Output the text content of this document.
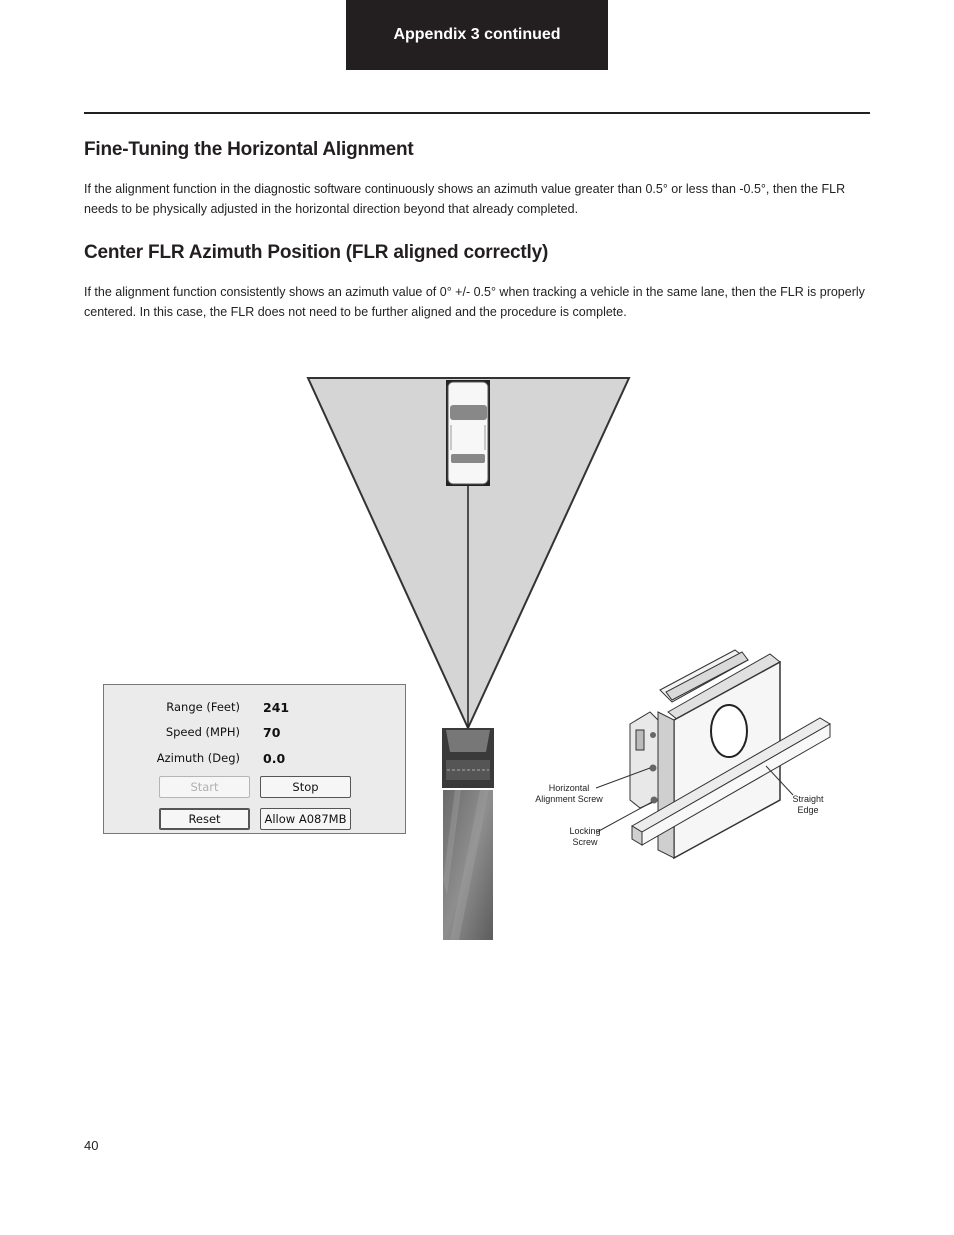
Appendix 3 continued
Fine-Tuning the Horizontal Alignment

If the alignment function in the diagnostic software continuously shows an azimuth value greater than 0.5° or less than -0.5°, then the FLR needs to be physically adjusted in the horizontal direction beyond that already completed.

Center FLR Azimuth Position (FLR aligned correctly)

If the alignment function consistently shows an azimuth value of 0° +/- 0.5° when tracking a vehicle in the same lane, then the FLR is properly centered. In this case, the FLR does not need to be further aligned and the procedure is complete.

Horizontal
Alignment Screw
Locking
Screw
Straight
Edge
Range (Feet) 241
Speed (MPH) 70
Azimuth (Deg) 0.0
Start	Stop
Reset	Allow A087MB
40
